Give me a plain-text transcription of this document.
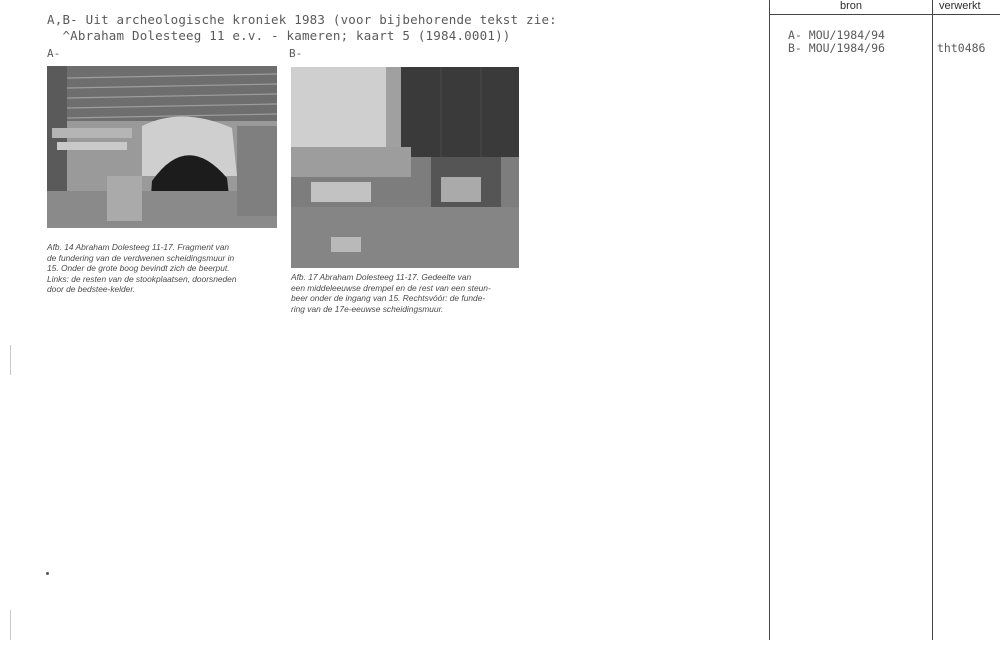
A,B- Uit archeologische kroniek 1983 (voor bijbehorende tekst zie:
^Abraham Dolesteeg 11 e.v. - kameren; kaart 5 (1984.0001))
A-	B-
Afb. 14 Abraham Dolesteeg 11-17. Fragment van
de fundering van de verdwenen scheidingsmuur in
15. Onder de grote boog bevindt zich de beerput.
Links: de resten van de stookplaatsen, doorsneden
door de bedstee-kelder.
Afb. 17 Abraham Dolesteeg 11-17. Gedeelte van
een middeleeuwse drempel en de rest van een steun-
beer onder de ingang van 15. Rechtsvóór: de funde-
ring van de 17e-eeuwse scheidingsmuur.
bron	verwerkt
A- MOU/1984/94
B- MOU/1984/96	tht0486
